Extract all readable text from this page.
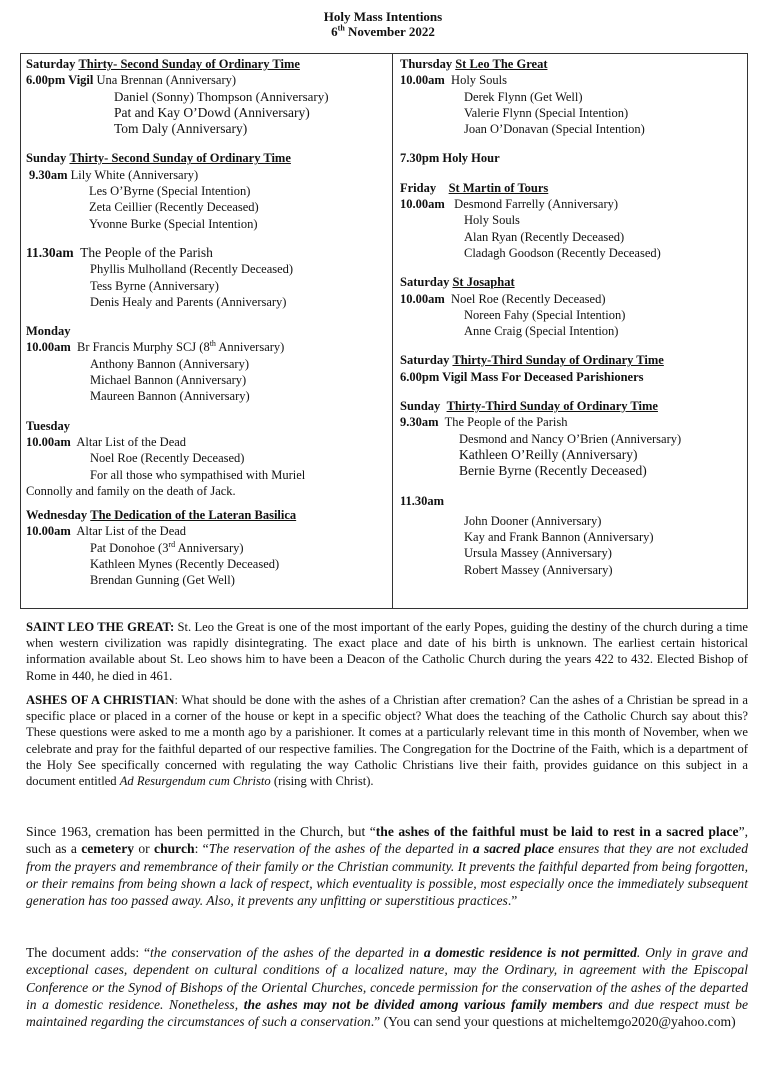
Holy Mass Intentions
6th November 2022
Saturday Thirty- Second Sunday of Ordinary Time
6.00pm Vigil Una Brennan (Anniversary)
Daniel (Sonny) Thompson (Anniversary)
Pat and Kay O’Dowd (Anniversary)
Tom Daly (Anniversary)
Sunday Thirty- Second Sunday of Ordinary Time
9.30am Lily White (Anniversary)
Les O’Byrne (Special Intention)
Zeta Ceillier (Recently Deceased)
Yvonne Burke (Special Intention)
11.30am The People of the Parish
Phyllis Mulholland (Recently Deceased)
Tess Byrne (Anniversary)
Denis Healy and Parents (Anniversary)
Monday
10.00am Br Francis Murphy SCJ (8th Anniversary)
Anthony Bannon (Anniversary)
Michael Bannon (Anniversary)
Maureen Bannon (Anniversary)
Tuesday
10.00am Altar List of the Dead
Noel Roe (Recently Deceased)
For all those who sympathised with Muriel
Connolly and family on the death of Jack.
Wednesday The Dedication of the Lateran Basilica
10.00am Altar List of the Dead
Pat Donohoe (3rd Anniversary)
Kathleen Mynes (Recently Deceased)
Brendan Gunning (Get Well)
Thursday St Leo The Great
10.00am Holy Souls
Derek Flynn (Get Well)
Valerie Flynn (Special Intention)
Joan O’Donavan (Special Intention)
7.30pm Holy Hour
Friday St Martin of Tours
10.00am Desmond Farrelly (Anniversary)
Holy Souls
Alan Ryan (Recently Deceased)
Cladagh Goodson (Recently Deceased)
Saturday St Josaphat
10.00am Noel Roe (Recently Deceased)
Noreen Fahy (Special Intention)
Anne Craig (Special Intention)
Saturday Thirty-Third Sunday of Ordinary Time
6.00pm Vigil Mass For Deceased Parishioners
Sunday Thirty-Third Sunday of Ordinary Time
9.30am The People of the Parish
Desmond and Nancy O’Brien (Anniversary)
Kathleen O’Reilly (Anniversary)
Bernie Byrne (Recently Deceased)
11.30am
John Dooner (Anniversary)
Kay and Frank Bannon (Anniversary)
Ursula Massey (Anniversary)
Robert Massey (Anniversary)
SAINT LEO THE GREAT: St. Leo the Great is one of the most important of the early Popes, guiding the destiny of the church during a time when western civilization was rapidly disintegrating. The exact place and date of his birth is unknown. The earliest certain historical information available about St. Leo shows him to have been a Deacon of the Catholic Church during the years 422 to 432. Elected Bishop of Rome in 440, he died in 461.
ASHES OF A CHRISTIAN: What should be done with the ashes of a Christian after cremation? Can the ashes of a Christian be spread in a specific place or placed in a corner of the house or kept in a specific object? What does the teaching of the Catholic Church say about this? These questions were asked to me a month ago by a parishioner. It comes at a particularly relevant time in this month of November, when we celebrate and pray for the faithful departed of our respective families. The Congregation for the Doctrine of the Faith, which is a department of the Holy See specifically concerned with regulating the way Catholic Christians live their faith, provides guidance on this subject in a document entitled Ad Resurgendum cum Christo (rising with Christ).
Since 1963, cremation has been permitted in the Church, but “the ashes of the faithful must be laid to rest in a sacred place”, such as a cemetery or church: “The reservation of the ashes of the departed in a sacred place ensures that they are not excluded from the prayers and remembrance of their family or the Christian community. It prevents the faithful departed from being forgotten, or their remains from being shown a lack of respect, which eventuality is possible, most especially once the immediately subsequent generation has too passed away. Also, it prevents any unfitting or superstitious practices.”
The document adds: “the conservation of the ashes of the departed in a domestic residence is not permitted. Only in grave and exceptional cases, dependent on cultural conditions of a localized nature, may the Ordinary, in agreement with the Episcopal Conference or the Synod of Bishops of the Oriental Churches, concede permission for the conservation of the ashes of the departed in a domestic residence. Nonetheless, the ashes may not be divided among various family members and due respect must be maintained regarding the circumstances of such a conservation.” (You can send your questions at micheltemgo2020@yahoo.com)
